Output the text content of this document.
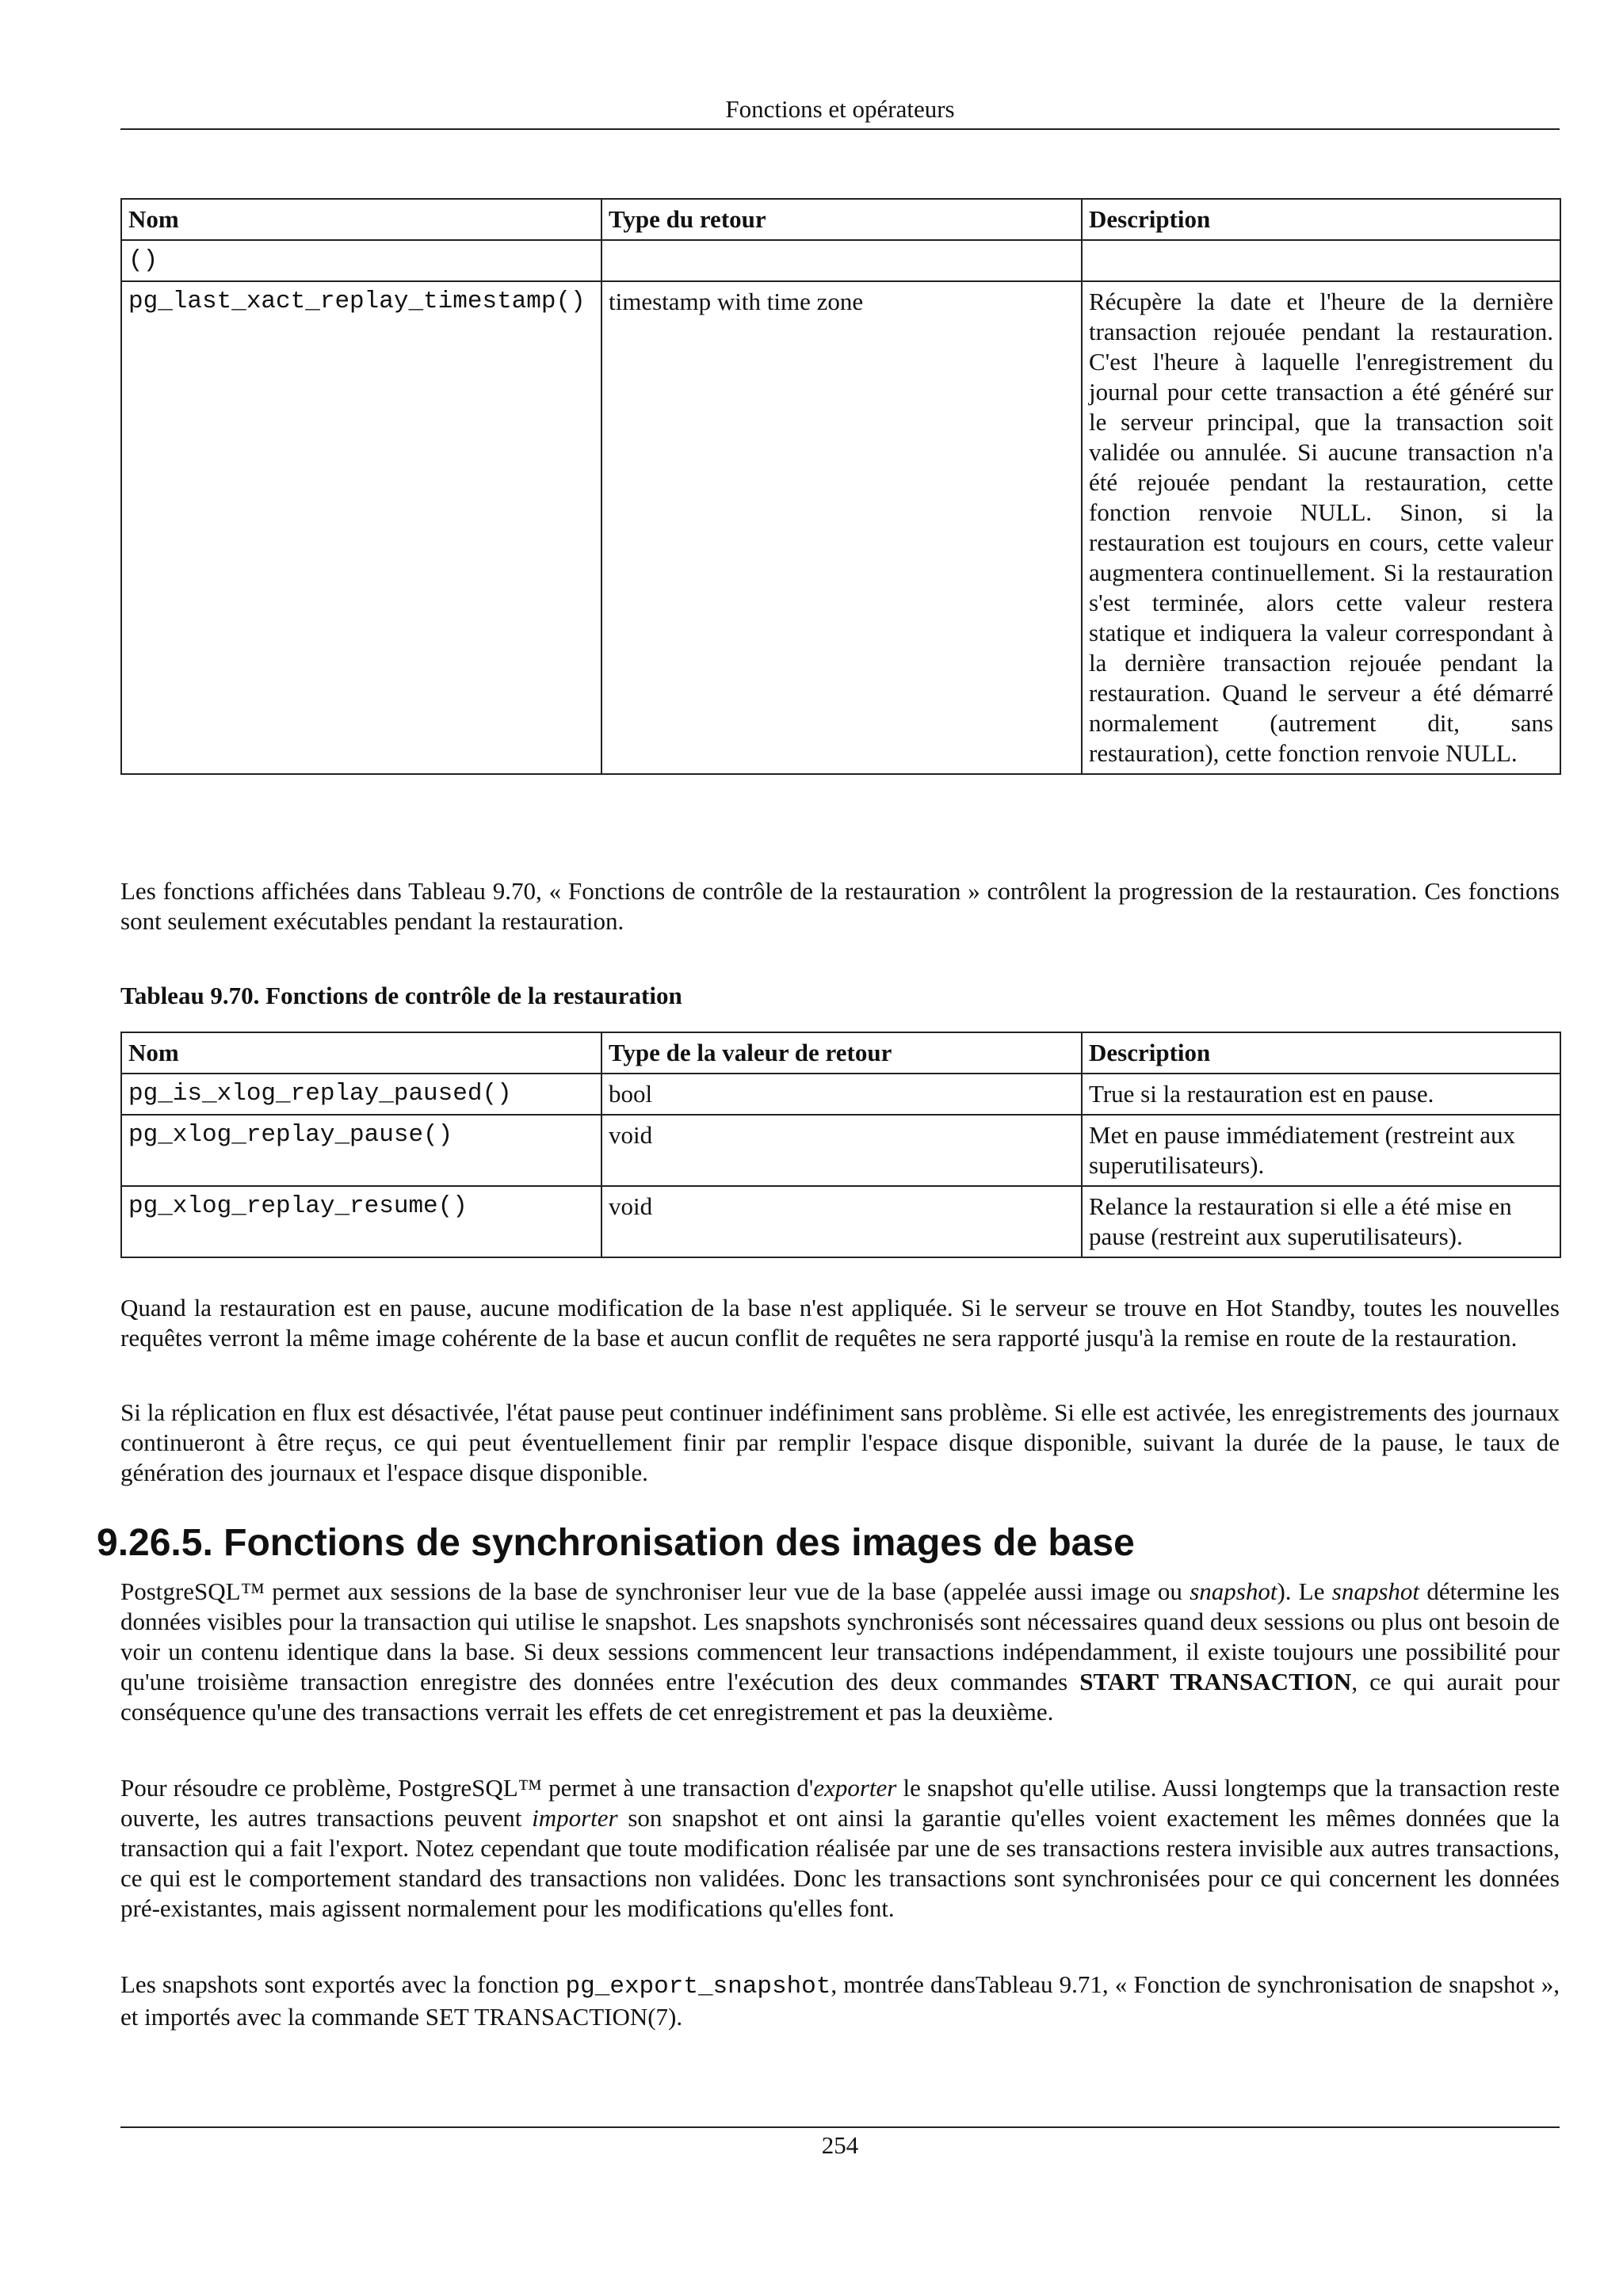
Fonctions et opérateurs
Nom	Type du retour	Description
()		
pg_last_xact_replay_timestamp()	timestamp with time zone	Récupère la date et l'heure de la dernière transaction rejouée pendant la restauration. C'est l'heure à laquelle l'enregistrement du journal pour cette transaction a été généré sur le serveur principal, que la transaction soit validée ou annulée. Si aucune transaction n'a été rejouée pendant la restauration, cette fonction renvoie NULL. Sinon, si la restauration est toujours en cours, cette valeur augmentera continuellement. Si la restauration s'est terminée, alors cette valeur restera statique et indiquera la valeur correspondant à la dernière transaction rejouée pendant la restauration. Quand le serveur a été démarré normalement (autrement dit, sans restauration), cette fonction renvoie NULL.

Les fonctions affichées dans Tableau 9.70, « Fonctions de contrôle de la restauration » contrôlent la progression de la restauration. Ces fonctions sont seulement exécutables pendant la restauration.

Tableau 9.70. Fonctions de contrôle de la restauration

Nom	Type de la valeur de retour	Description
pg_is_xlog_replay_paused()	bool	True si la restauration est en pause.
pg_xlog_replay_pause()	void	Met en pause immédiatement (restreint aux superutilisateurs).
pg_xlog_replay_resume()	void	Relance la restauration si elle a été mise en pause (restreint aux superutilisateurs).

Quand la restauration est en pause, aucune modification de la base n'est appliquée. Si le serveur se trouve en Hot Standby, toutes les nouvelles requêtes verront la même image cohérente de la base et aucun conflit de requêtes ne sera rapporté jusqu'à la remise en route de la restauration.

Si la réplication en flux est désactivée, l'état pause peut continuer indéfiniment sans problème. Si elle est activée, les enregistrements des journaux continueront à être reçus, ce qui peut éventuellement finir par remplir l'espace disque disponible, suivant la durée de la pause, le taux de génération des journaux et l'espace disque disponible.

9.26.5. Fonctions de synchronisation des images de base

PostgreSQL™ permet aux sessions de la base de synchroniser leur vue de la base (appelée aussi image ou snapshot). Le snapshot détermine les données visibles pour la transaction qui utilise le snapshot. Les snapshots synchronisés sont nécessaires quand deux sessions ou plus ont besoin de voir un contenu identique dans la base. Si deux sessions commencent leur transactions indépendamment, il existe toujours une possibilité pour qu'une troisième transaction enregistre des données entre l'exécution des deux commandes START TRANSACTION, ce qui aurait pour conséquence qu'une des transactions verrait les effets de cet enregistrement et pas la deuxième.

Pour résoudre ce problème, PostgreSQL™ permet à une transaction d'exporter le snapshot qu'elle utilise. Aussi longtemps que la transaction reste ouverte, les autres transactions peuvent importer son snapshot et ont ainsi la garantie qu'elles voient exactement les mêmes données que la transaction qui a fait l'export. Notez cependant que toute modification réalisée par une de ses transactions restera invisible aux autres transactions, ce qui est le comportement standard des transactions non validées. Donc les transactions sont synchronisées pour ce qui concernent les données pré-existantes, mais agissent normalement pour les modifications qu'elles font.

Les snapshots sont exportés avec la fonction pg_export_snapshot, montrée dansTableau 9.71, « Fonction de synchronisation de snapshot », et importés avec la commande SET TRANSACTION(7).

254
